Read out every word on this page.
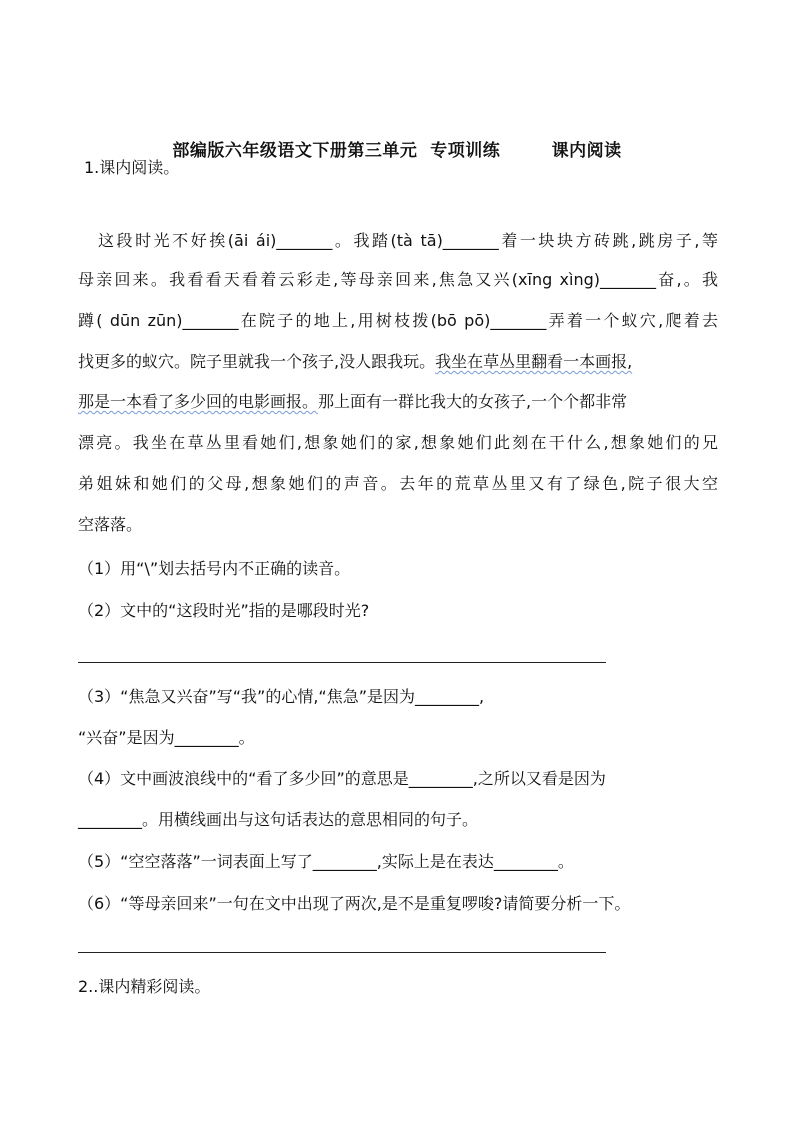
部编版六年级语文下册第三单元  专项训练        课内阅读
1.课内阅读。
这段时光不好挨(āi ái)_______。我踏(tà tā)_______着一块块方砖跳,跳房子,等
母亲回来。我看看天看着云彩走,等母亲回来,焦急又兴(xīng xìng)_______奋,。我
蹲( dūn zūn)_______在院子的地上,用树枝拨(bō pō)_______弄着一个蚁穴,爬着去
找更多的蚁穴。院子里就我一个孩子,没人跟我玩。我坐在草丛里翻看一本画报,
那是一本看了多少回的电影画报。那上面有一群比我大的女孩子,一个个都非常
漂亮。我坐在草丛里看她们,想象她们的家,想象她们此刻在干什么,想象她们的兄
弟姐妹和她们的父母,想象她们的声音。去年的荒草丛里又有了绿色,院子很大空
空落落。
（1）用“\”划去括号内不正确的读音。
（2）文中的“这段时光”指的是哪段时光?
（3）“焦急又兴奋”写“我”的心情,“焦急”是因为________,
“兴奋”是因为________。
（4）文中画波浪线中的“看了多少回”的意思是________,之所以又看是因为
________。用横线画出与这句话表达的意思相同的句子。
（5）“空空落落”一词表面上写了________,实际上是在表达________。
（6）“等母亲回来”一句在文中出现了两次,是不是重复啰唆?请简要分析一下。
2..课内精彩阅读。
